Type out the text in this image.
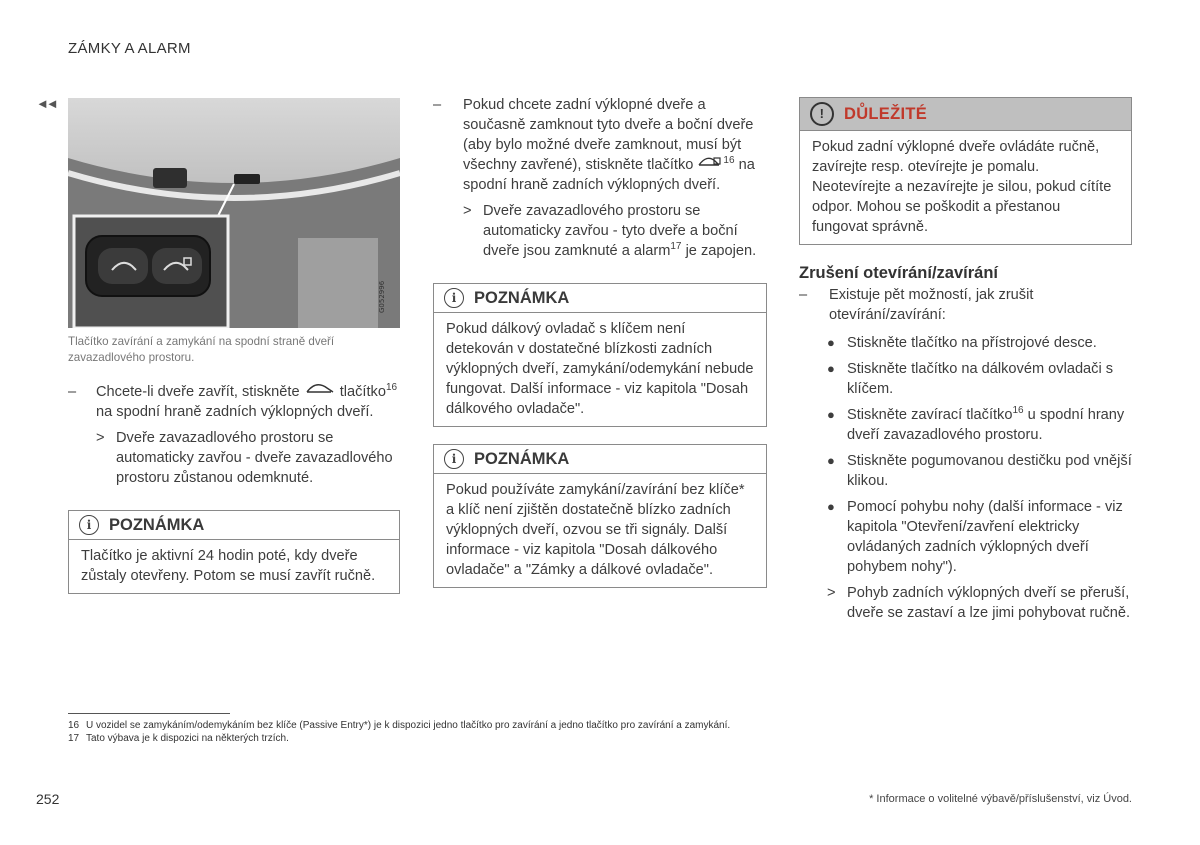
ZÁMKY A ALARM
◄◄
G052996
Tlačítko zavírání a zamykání na spodní straně dveří zavazadlového prostoru.
– Chcete-li dveře zavřít, stiskněte	tlačítko$^{16}$ na spodní hraně zadních výklopných dveří.
> Dveře zavazadlového prostoru se automaticky zavřou - dveře zavazadlového prostoru zůstanou odemknuté.
i	POZNÁMKA
Tlačítko je aktivní 24 hodin poté, kdy dveře zůstaly otevřeny. Potom se musí zavřít ručně.
– Pokud chcete zadní výklopné dveře a současně zamknout tyto dveře a boční dveře (aby bylo možné dveře zamknout, musí být všechny zavřené), stiskněte tlačítko	$^{16}$ na spodní hraně zadních výklopných dveří.
> Dveře zavazadlového prostoru se automaticky zavřou - tyto dveře a boční dveře jsou zamknuté a alarm$^{17}$ je zapojen.
i	POZNÁMKA
Pokud dálkový ovladač s klíčem není detekován v dostatečné blízkosti zadních výklopných dveří, zamykání/odemykání nebude fungovat. Další informace - viz kapitola "Dosah dálkového ovladače".
i	POZNÁMKA
Pokud používáte zamykání/zavírání bez klíče* a klíč není zjištěn dostatečně blízko zadních výklopných dveří, ozvou se tři signály. Další informace - viz kapitola "Dosah dálkového ovladače" a "Zámky a dálkové ovladače".
!	DŮLEŽITÉ
Pokud zadní výklopné dveře ovládáte ručně, zavírejte resp. otevírejte je pomalu. Neotevírejte a nezavírejte je silou, pokud cítíte odpor. Mohou se poškodit a přestanou fungovat správně.
Zrušení otevírání/zavírání
– Existuje pět možností, jak zrušit otevírání/zavírání:
● Stiskněte tlačítko na přístrojové desce.
● Stiskněte tlačítko na dálkovém ovladači s klíčem.
● Stiskněte zavírací tlačítko$^{16}$ u spodní hrany dveří zavazadlového prostoru.
● Stiskněte pogumovanou destičku pod vnější klikou.
● Pomocí pohybu nohy (další informace - viz kapitola "Otevření/zavření elektricky ovládaných zadních výklopných dveří pohybem nohy").
> Pohyb zadních výklopných dveří se přeruší, dveře se zastaví a lze jimi pohybovat ručně.
16 U vozidel se zamykáním/odemykáním bez klíče (Passive Entry*) je k dispozici jedno tlačítko pro zavírání a jedno tlačítko pro zavírání a zamykání.
17 Tato výbava je k dispozici na některých trzích.
252	* Informace o volitelné výbavě/příslušenství, viz Úvod.
